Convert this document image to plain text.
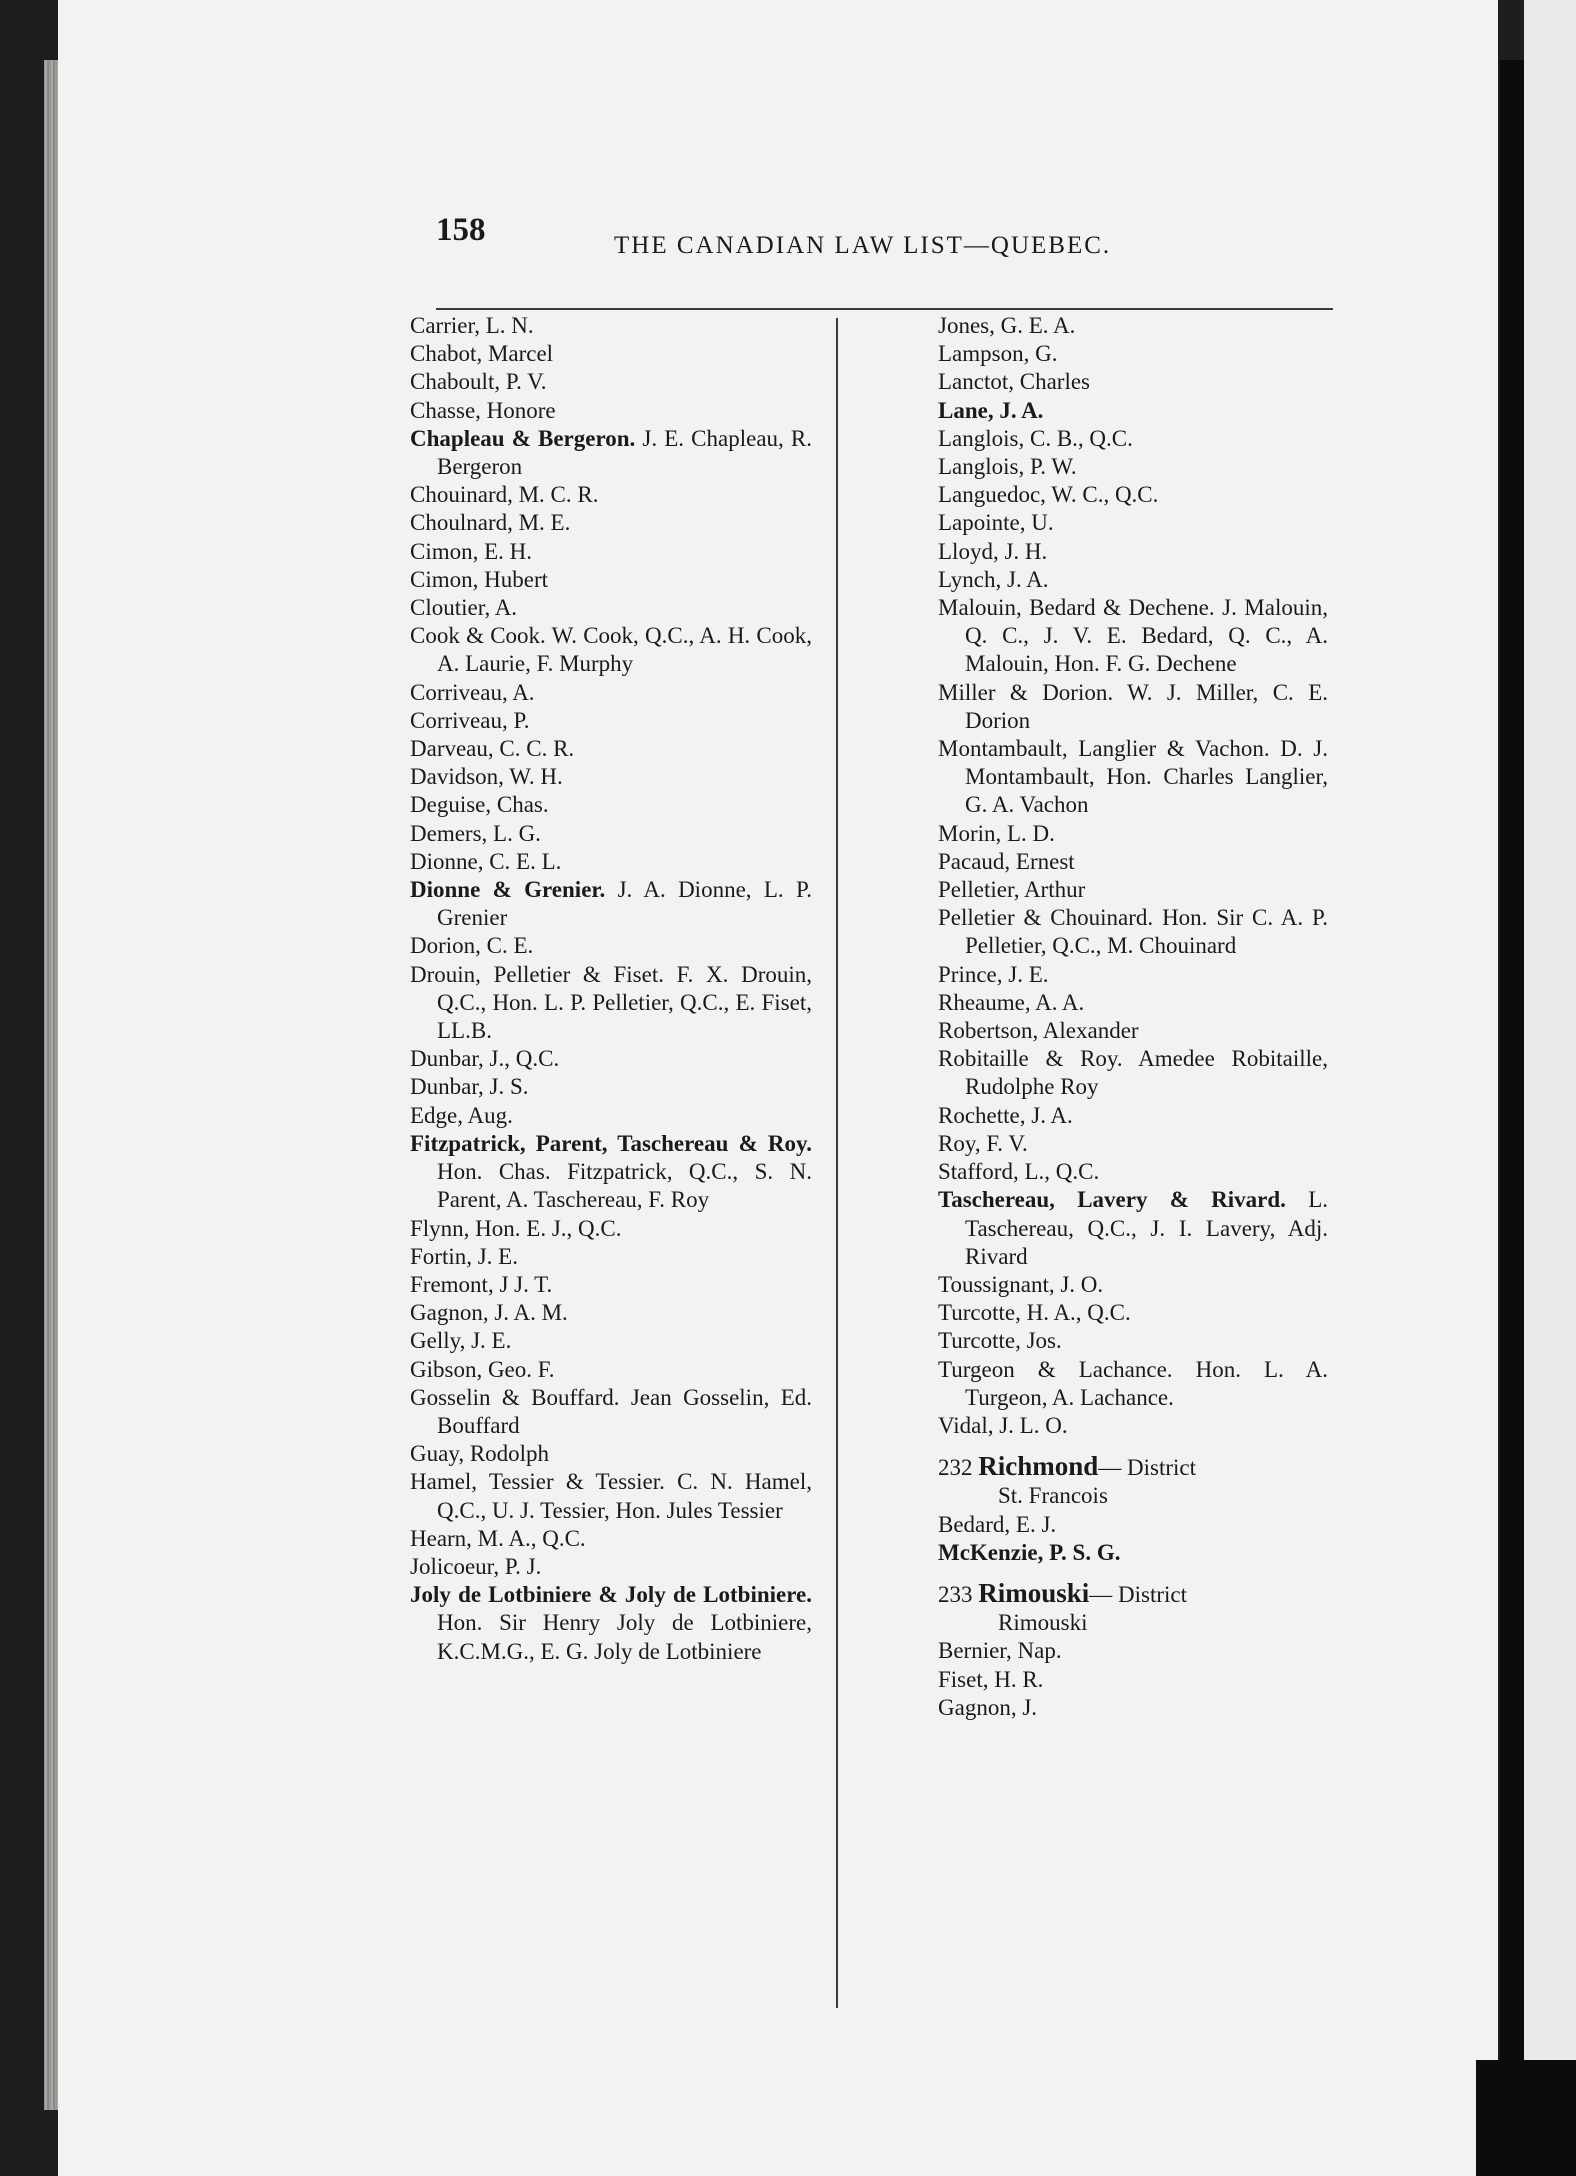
158	THE CANADIAN LAW LIST—QUEBEC.

Carrier, L. N.

Chabot, Marcel

Chaboult, P. V.

Chasse, Honore

Chapleau & Bergeron. J. E. Chapleau, R. Bergeron

Chouinard, M. C. R.

Choulnard, M. E.

Cimon, E. H.

Cimon, Hubert

Cloutier, A.

Cook & Cook. W. Cook, Q.C., A. H. Cook, A. Laurie, F. Murphy

Corriveau, A.

Corriveau, P.

Darveau, C. C. R.

Davidson, W. H.

Deguise, Chas.

Demers, L. G.

Dionne, C. E. L.

Dionne & Grenier. J. A. Dionne, L. P. Grenier

Dorion, C. E.

Drouin, Pelletier & Fiset. F. X. Drouin, Q.C., Hon. L. P. Pelletier, Q.C., E. Fiset, LL.B.

Dunbar, J., Q.C.

Dunbar, J. S.

Edge, Aug.

Fitzpatrick, Parent, Taschereau & Roy. Hon. Chas. Fitzpatrick, Q.C., S. N. Parent, A. Taschereau, F. Roy

Flynn, Hon. E. J., Q.C.

Fortin, J. E.

Fremont, J J. T.

Gagnon, J. A. M.

Gelly, J. E.

Gibson, Geo. F.

Gosselin & Bouffard. Jean Gosselin, Ed. Bouffard

Guay, Rodolph

Hamel, Tessier & Tessier. C. N. Hamel, Q.C., U. J. Tessier, Hon. Jules Tessier

Hearn, M. A., Q.C.

Jolicoeur, P. J.

Joly de Lotbiniere & Joly de Lotbiniere. Hon. Sir Henry Joly de Lotbiniere, K.C.M.G., E. G. Joly de Lotbiniere

Jones, G. E. A.

Lampson, G.

Lanctot, Charles

Lane, J. A.

Langlois, C. B., Q.C.

Langlois, P. W.

Languedoc, W. C., Q.C.

Lapointe, U.

Lloyd, J. H.

Lynch, J. A.

Malouin, Bedard & Dechene. J. Malouin, Q. C., J. V. E. Bedard, Q. C., A. Malouin, Hon. F. G. Dechene

Miller & Dorion. W. J. Miller, C. E. Dorion

Montambault, Langlier & Vachon. D. J. Montambault, Hon. Charles Langlier, G. A. Vachon

Morin, L. D.

Pacaud, Ernest

Pelletier, Arthur

Pelletier & Chouinard. Hon. Sir C. A. P. Pelletier, Q.C., M. Chouinard

Prince, J. E.

Rheaume, A. A.

Robertson, Alexander

Robitaille & Roy. Amedee Robitaille, Rudolphe Roy

Rochette, J. A.

Roy, F. V.

Stafford, L., Q.C.

Taschereau, Lavery & Rivard. L. Taschereau, Q.C., J. I. Lavery, Adj. Rivard

Toussignant, J. O.

Turcotte, H. A., Q.C.

Turcotte, Jos.

Turgeon & Lachance. Hon. L. A. Turgeon, A. Lachance.

Vidal, J. L. O.

232 Richmond— District

St. Francois

Bedard, E. J.

McKenzie, P. S. G.

233 Rimouski— District

Rimouski

Bernier, Nap.

Fiset, H. R.

Gagnon, J.
